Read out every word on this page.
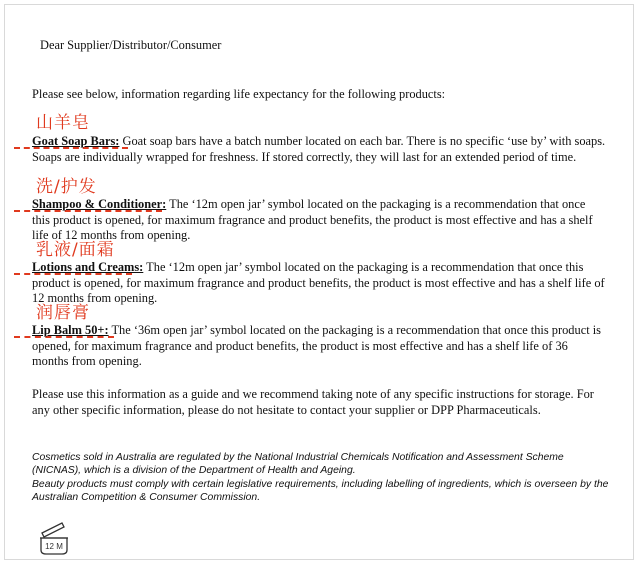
Dear Supplier/Distributor/Consumer

Please see below, information regarding life expectancy for the following products:

山羊皂

Goat Soap Bars: Goat soap bars have a batch number located on each bar. There is no specific ‘use by’ with soaps. Soaps are individually wrapped for freshness. If stored correctly, they will last for an extended period of time.

洗/护发

Shampoo & Conditioner: The ‘12m open jar’ symbol located on the packaging is a recommendation that once this product is opened, for maximum fragrance and product benefits, the product is most effective and has a shelf life of 12 months from opening.

乳液/面霜

Lotions and Creams: The ‘12m open jar’ symbol located on the packaging is a recommendation that once this product is opened, for maximum fragrance and product benefits, the product is most effective and has a shelf life of 12 months from opening.

润唇膏

Lip Balm 50+: The ‘36m open jar’ symbol located on the packaging is a recommendation that once this product is opened, for maximum fragrance and product benefits, the product is most effective and has a shelf life of 36 months from opening.

Please use this information as a guide and we recommend taking note of any specific instructions for storage. For any other specific information, please do not hesitate to contact your supplier or DPP Pharmaceuticals.

Cosmetics sold in Australia are regulated by the National Industrial Chemicals Notification and Assessment Scheme (NICNAS), which is a division of the Department of Health and Ageing.
Beauty products must comply with certain legislative requirements, including labelling of ingredients, which is overseen by the Australian Competition & Consumer Commission.
12 M
